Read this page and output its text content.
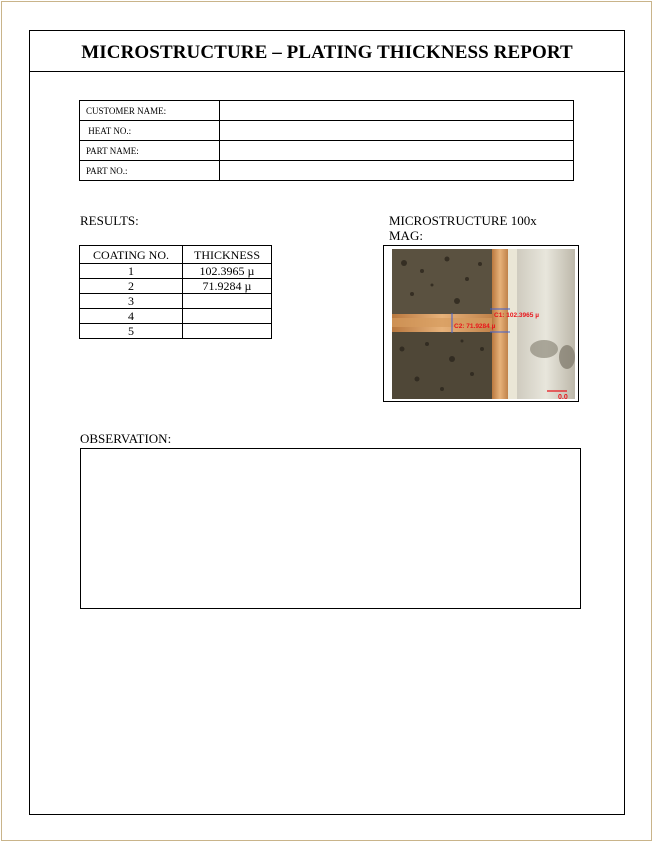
MICROSTRUCTURE – PLATING THICKNESS REPORT
CUSTOMER NAME:	
HEAT NO.:	
PART NAME:	
PART NO.:	
RESULTS:	MICROSTRUCTURE 100x MAG:
COATING NO.	THICKNESS
1	102.3965 µ
2	71.9284 µ
3	
4	
5	
C1: 102.3965 µ
C2: 71.9284 µ
0.0
OBSERVATION:
